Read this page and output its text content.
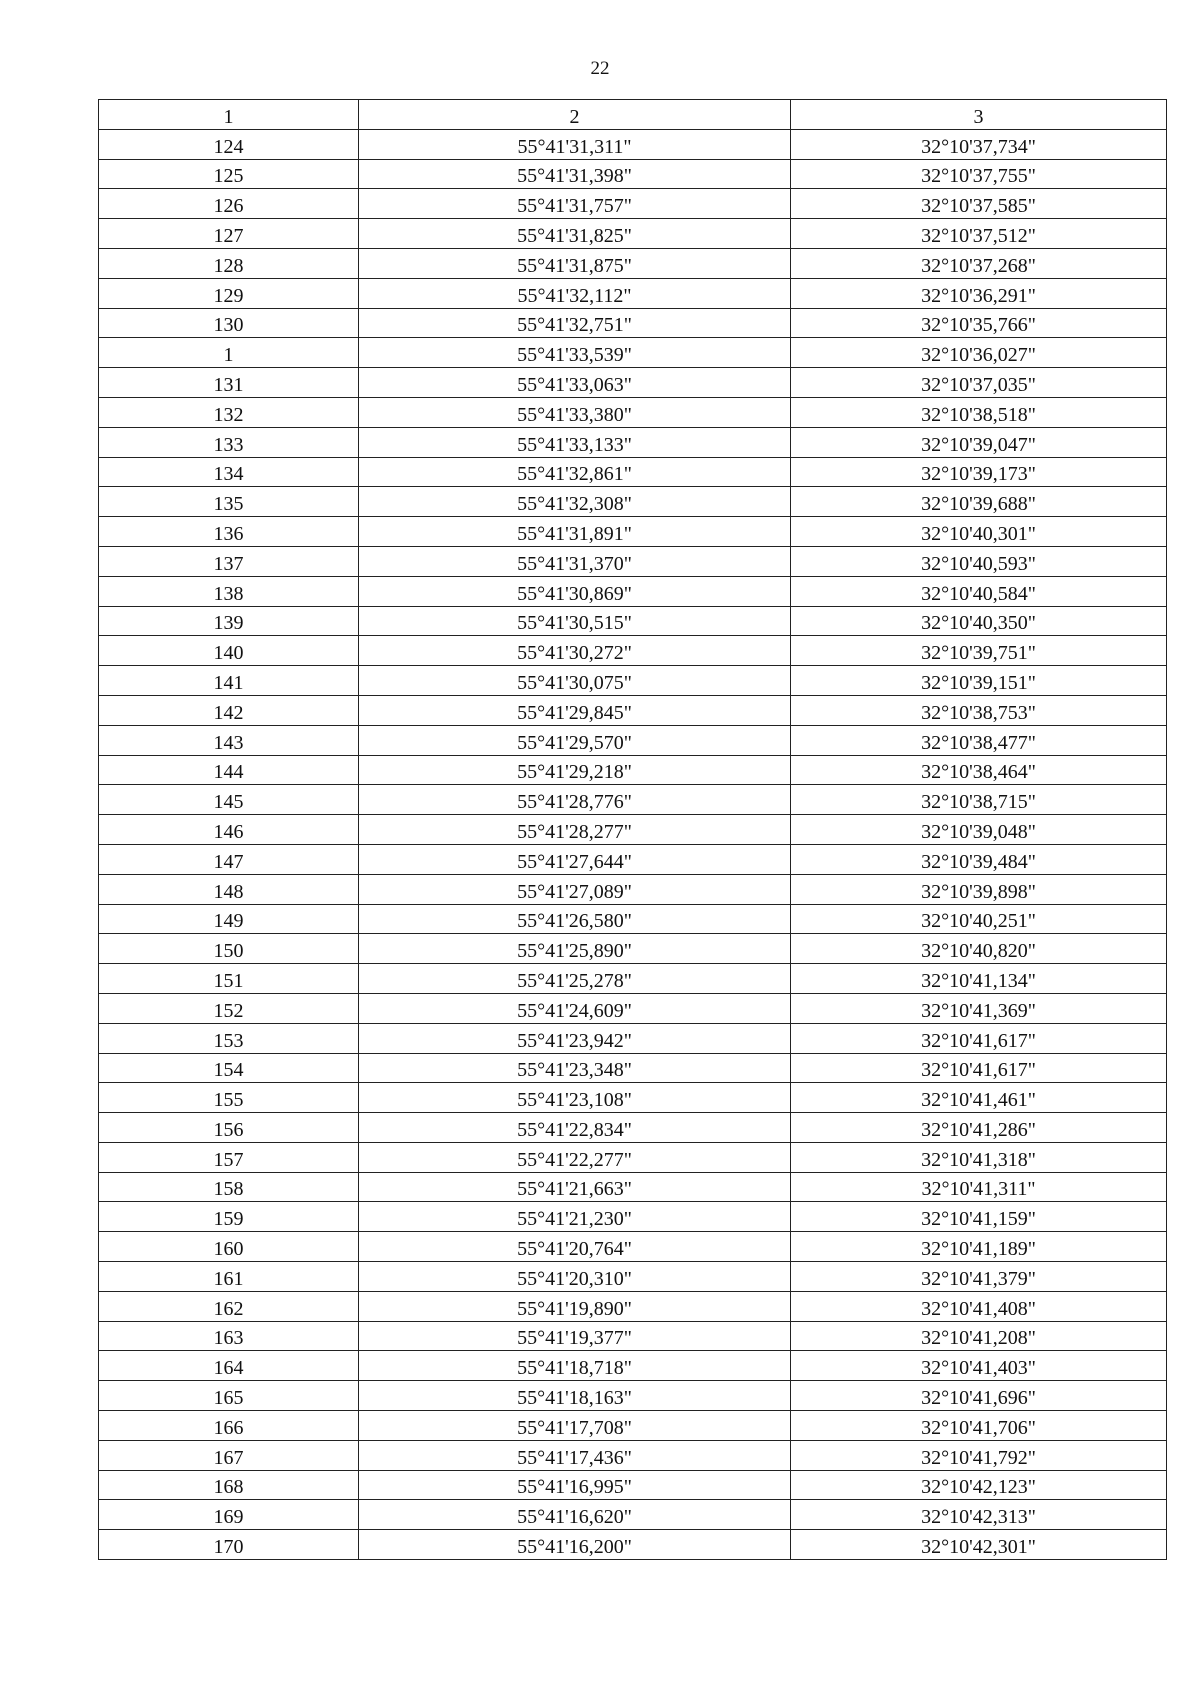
22
1	2	3
124	55°41'31,311"	32°10'37,734"
125	55°41'31,398"	32°10'37,755"
126	55°41'31,757"	32°10'37,585"
127	55°41'31,825"	32°10'37,512"
128	55°41'31,875"	32°10'37,268"
129	55°41'32,112"	32°10'36,291"
130	55°41'32,751"	32°10'35,766"
1	55°41'33,539"	32°10'36,027"
131	55°41'33,063"	32°10'37,035"
132	55°41'33,380"	32°10'38,518"
133	55°41'33,133"	32°10'39,047"
134	55°41'32,861"	32°10'39,173"
135	55°41'32,308"	32°10'39,688"
136	55°41'31,891"	32°10'40,301"
137	55°41'31,370"	32°10'40,593"
138	55°41'30,869"	32°10'40,584"
139	55°41'30,515"	32°10'40,350"
140	55°41'30,272"	32°10'39,751"
141	55°41'30,075"	32°10'39,151"
142	55°41'29,845"	32°10'38,753"
143	55°41'29,570"	32°10'38,477"
144	55°41'29,218"	32°10'38,464"
145	55°41'28,776"	32°10'38,715"
146	55°41'28,277"	32°10'39,048"
147	55°41'27,644"	32°10'39,484"
148	55°41'27,089"	32°10'39,898"
149	55°41'26,580"	32°10'40,251"
150	55°41'25,890"	32°10'40,820"
151	55°41'25,278"	32°10'41,134"
152	55°41'24,609"	32°10'41,369"
153	55°41'23,942"	32°10'41,617"
154	55°41'23,348"	32°10'41,617"
155	55°41'23,108"	32°10'41,461"
156	55°41'22,834"	32°10'41,286"
157	55°41'22,277"	32°10'41,318"
158	55°41'21,663"	32°10'41,311"
159	55°41'21,230"	32°10'41,159"
160	55°41'20,764"	32°10'41,189"
161	55°41'20,310"	32°10'41,379"
162	55°41'19,890"	32°10'41,408"
163	55°41'19,377"	32°10'41,208"
164	55°41'18,718"	32°10'41,403"
165	55°41'18,163"	32°10'41,696"
166	55°41'17,708"	32°10'41,706"
167	55°41'17,436"	32°10'41,792"
168	55°41'16,995"	32°10'42,123"
169	55°41'16,620"	32°10'42,313"
170	55°41'16,200"	32°10'42,301"
